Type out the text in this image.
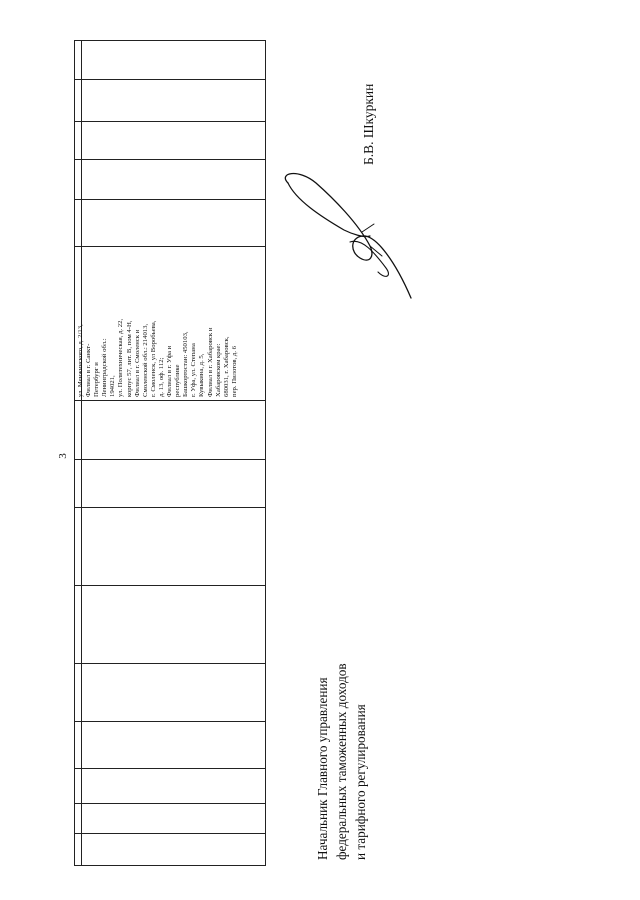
3
ул. Менжинского, д. 2/13, Филиал в г. Санкт- Петербург и Ленинградской обл.: 194021, ул. Политехническая, д. 22, корпус 57, лит. В, пом 4-Н, Филиал в г. Смоленск и Смоленской обл.: 214013, г. Смоленск, ул Воробьева, д. 13, оф. 112; Филиал в г. Уфа и республике Башкортостан: 450103, г. Уфа, ул. Степана Кувыкина, д. 5, Филиал в г. Хабаровск и Хабаровском крае: 680031, г. Хабаровск, пер. Пилотов, д. 6
Начальник Главного управления федеральных таможенных доходов и тарифного регулирования
Б.В. Шкуркин
